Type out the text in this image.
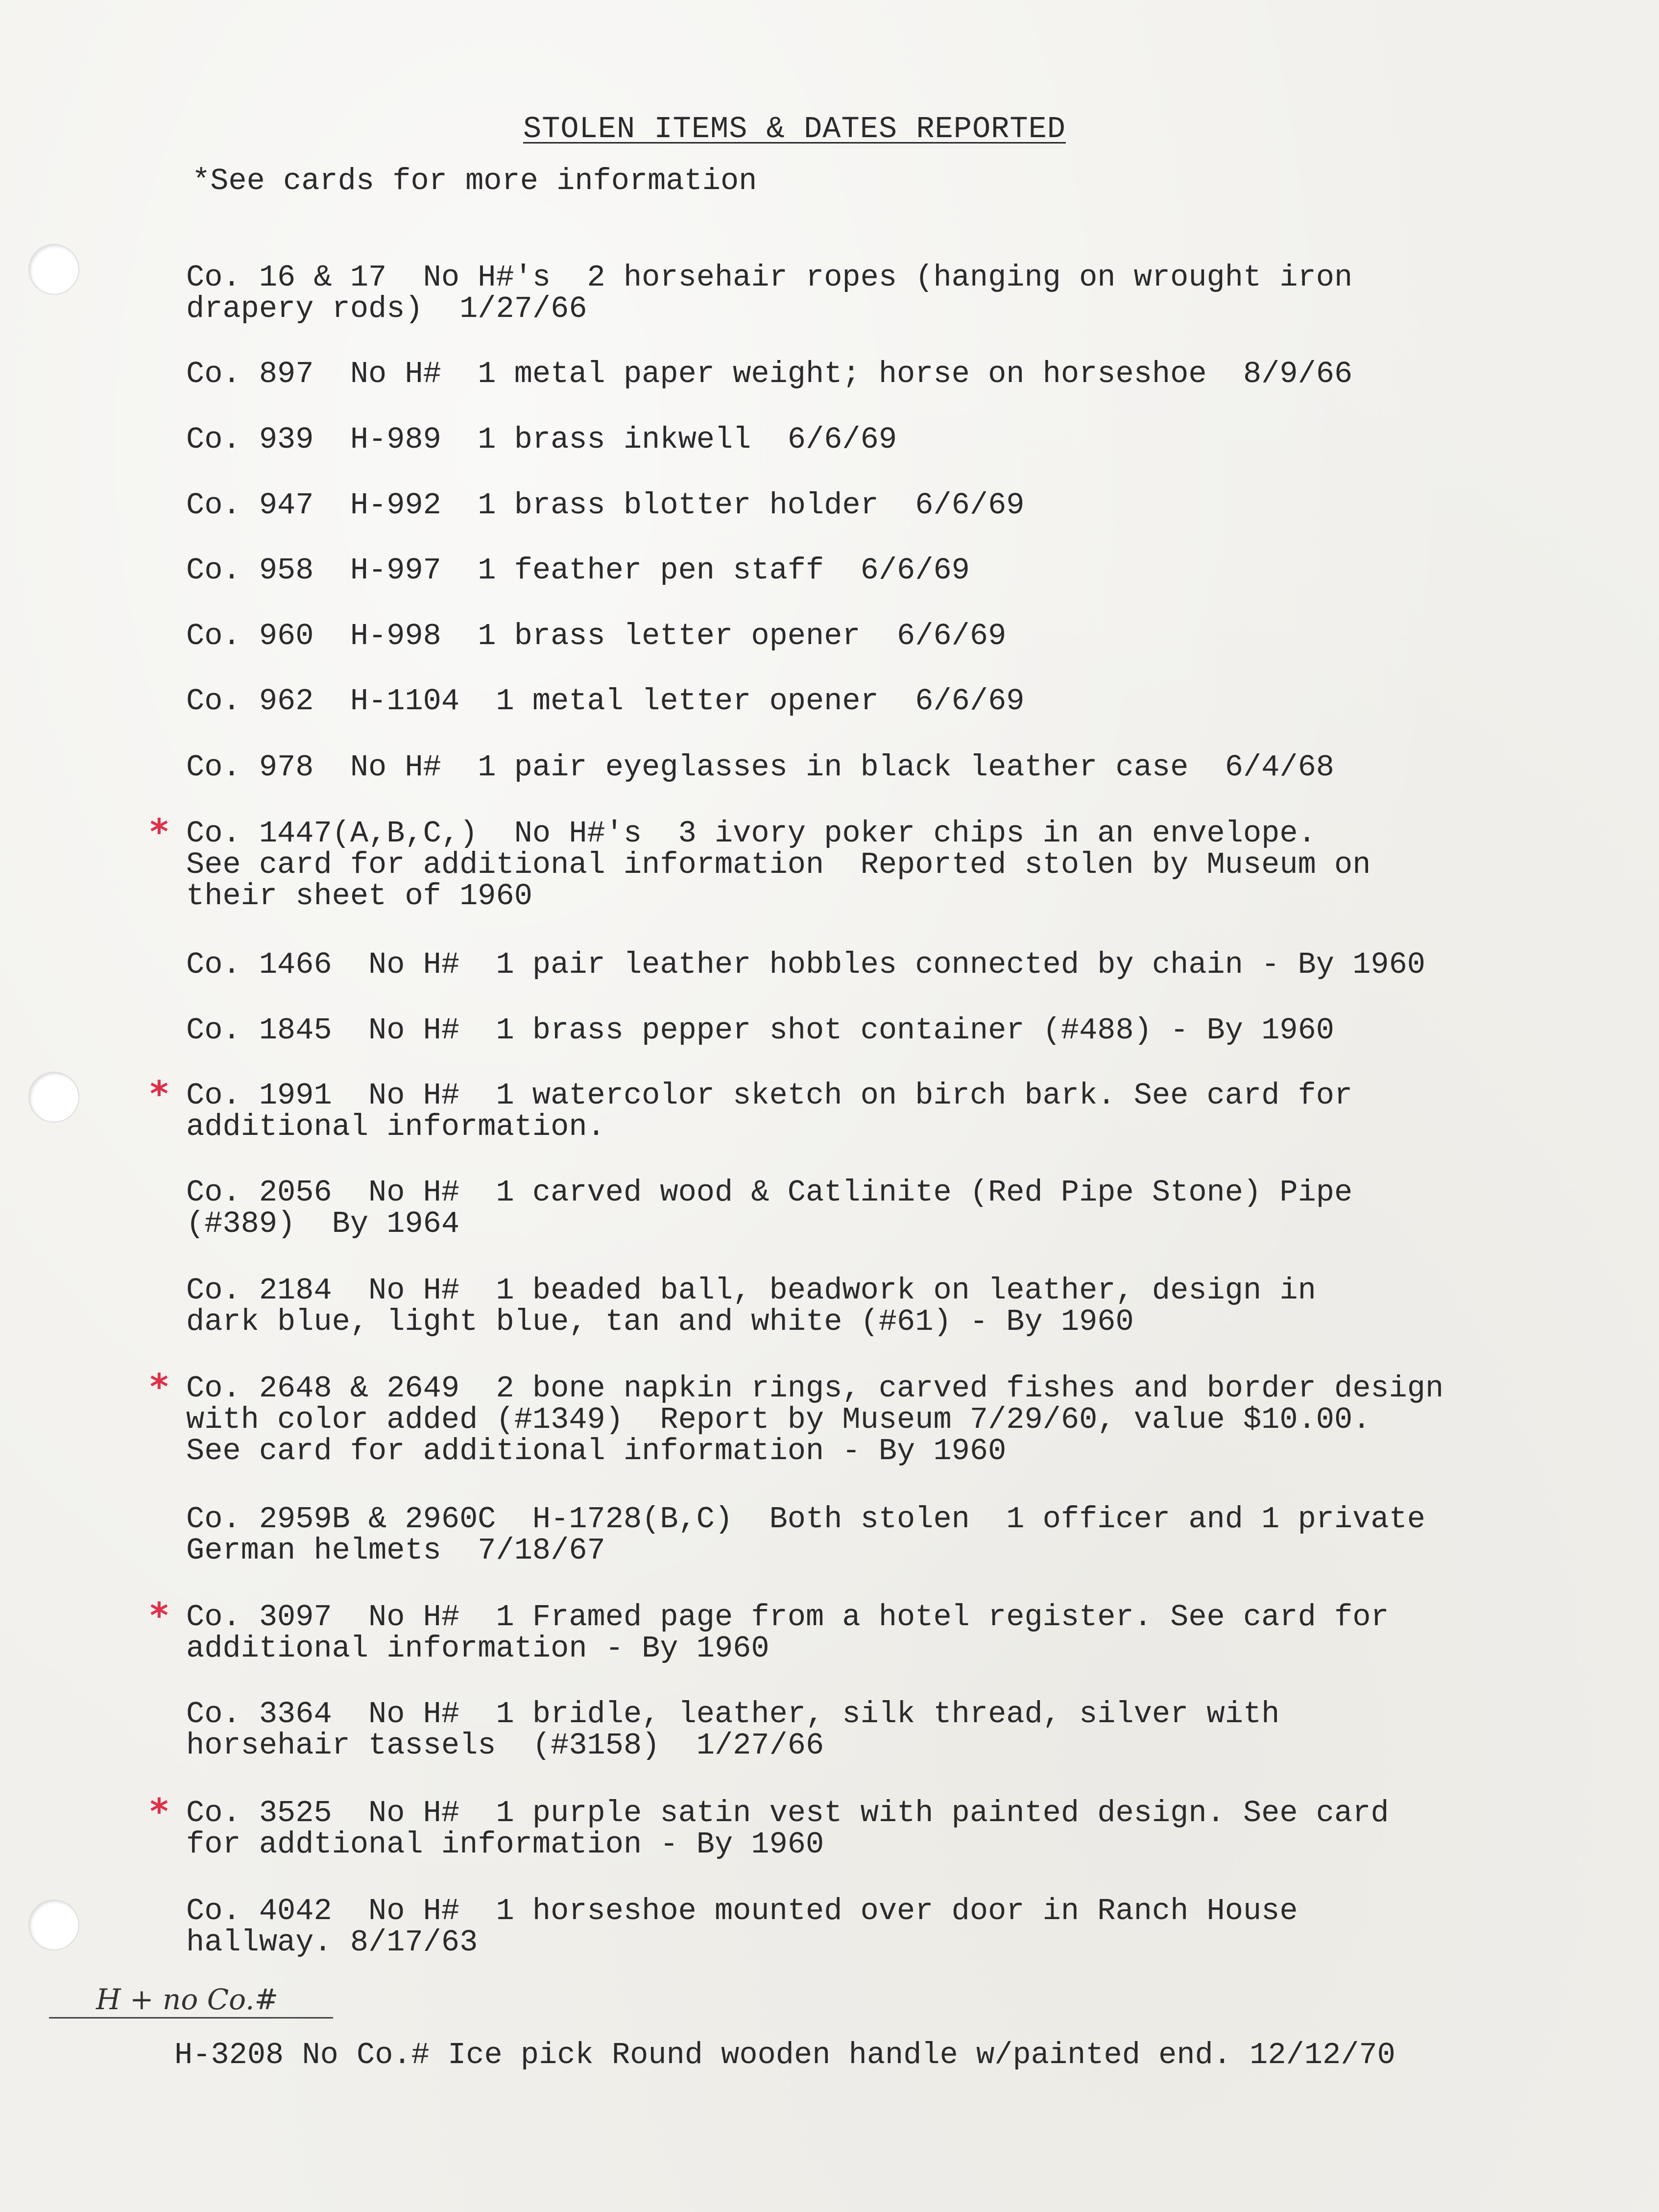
STOLEN ITEMS & DATES REPORTED
*See cards for more information
Co. 16 & 17  No H#'s  2 horsehair ropes (hanging on wrought iron
drapery rods)  1/27/66
Co. 897  No H#  1 metal paper weight; horse on horseshoe  8/9/66
Co. 939  H-989  1 brass inkwell  6/6/69
Co. 947  H-992  1 brass blotter holder  6/6/69
Co. 958  H-997  1 feather pen staff  6/6/69
Co. 960  H-998  1 brass letter opener  6/6/69
Co. 962  H-1104  1 metal letter opener  6/6/69
Co. 978  No H#  1 pair eyeglasses in black leather case  6/4/68
* Co. 1447(A,B,C,)  No H#'s  3 ivory poker chips in an envelope.
See card for additional information  Reported stolen by Museum on
their sheet of 1960
Co. 1466  No H#  1 pair leather hobbles connected by chain - By 1960
Co. 1845  No H#  1 brass pepper shot container (#488) - By 1960
* Co. 1991  No H#  1 watercolor sketch on birch bark. See card for
additional information.
Co. 2056  No H#  1 carved wood & Catlinite (Red Pipe Stone) Pipe
(#389)  By 1964
Co. 2184  No H#  1 beaded ball, beadwork on leather, design in
dark blue, light blue, tan and white (#61) - By 1960
* Co. 2648 & 2649  2 bone napkin rings, carved fishes and border design
with color added (#1349)  Report by Museum 7/29/60, value $10.00.
See card for additional information - By 1960
Co. 2959B & 2960C  H-1728(B,C)  Both stolen  1 officer and 1 private
German helmets  7/18/67
* Co. 3097  No H#  1 Framed page from a hotel register. See card for
additional information - By 1960
Co. 3364  No H#  1 bridle, leather, silk thread, silver with
horsehair tassels  (#3158)  1/27/66
* Co. 3525  No H#  1 purple satin vest with painted design. See card
for addtional information - By 1960
Co. 4042  No H#  1 horseshoe mounted over door in Ranch House
hallway. 8/17/63
H + no Co.#
H-3208 No Co.# Ice pick Round wooden handle w/painted end. 12/12/70
